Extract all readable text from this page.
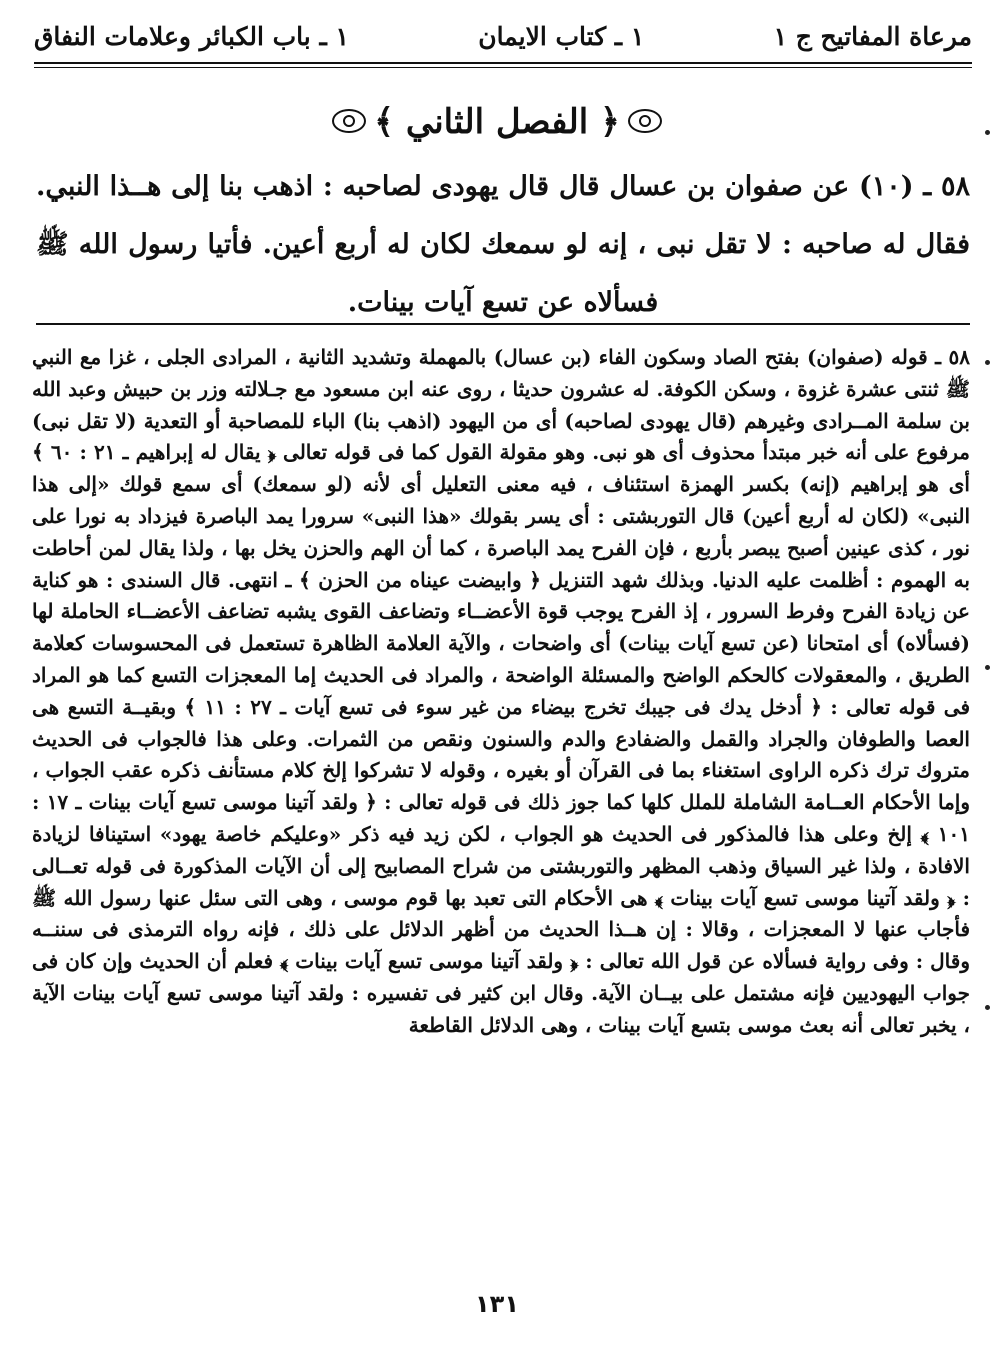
مرعاة المفاتيح ج ١
١ ـ كتاب الايمان
١ ـ باب الكبائر وعلامات النفاق
﴿ الفصل الثاني ﴾
٥٨ ـ (١٠) عن صفوان بن عسال قال قال يهودى لصاحبه : اذهب بنا إلى هــذا النبي. فقال له صاحبه : لا تقل نبى ، إنه لو سمعك لكان له أربع أعين. فأتيا رسول الله ﷺ فسألاه عن تسع آيات بينات.

٥٨ ـ قوله (صفوان) بفتح الصاد وسكون الفاء (بن عسال) بالمهملة وتشديد الثانية ، المرادى الجلى ، غزا مع النبي ﷺ ثنتى عشرة غزوة ، وسكن الكوفة. له عشرون حديثا ، روى عنه ابن مسعود مع جـلالته وزر بن حبيش وعبد الله بن سلمة المــرادى وغيرهم (قال يهودى لصاحبه) أى من اليهود (اذهب بنا) الباء للمصاحبة أو التعدية (لا تقل نبى) مرفوع على أنه خبر مبتدأ محذوف أى هو نبى. وهو مقولة القول كما فى قوله تعالى ﴿ يقال له إبراهيم ـ ٢١ : ٦٠ ﴾ أى هو إبراهيم (إنه) بكسر الهمزة استئناف ، فيه معنى التعليل أى لأنه (لو سمعك) أى سمع قولك «إلى هذا النبى» (لكان له أربع أعين) قال التوربشتى : أى يسر بقولك «هذا النبى» سرورا يمد الباصرة فيزداد به نورا على نور ، كذى عينين أصبح يبصر بأربع ، فإن الفرح يمد الباصرة ، كما أن الهم والحزن يخل بها ، ولذا يقال لمن أحاطت به الهموم : أظلمت عليه الدنيا. وبذلك شهد التنزيل ﴿ وابيضت عيناه من الحزن ﴾ ـ انتهى. قال السندى : هو كناية عن زيادة الفرح وفرط السرور ، إذ الفرح يوجب قوة الأعضــاء وتضاعف القوى يشبه تضاعف الأعضــاء الحاملة لها (فسألاه) أى امتحانا (عن تسع آيات بينات) أى واضحات ، والآية العلامة الظاهرة تستعمل فى المحسوسات كعلامة الطريق ، والمعقولات كالحكم الواضح والمسئلة الواضحة ، والمراد فى الحديث إما المعجزات التسع كما هو المراد فى قوله تعالى : ﴿ أدخل يدك فى جيبك تخرج بيضاء من غير سوء فى تسع آيات ـ ٢٧ : ١١ ﴾ وبقيــة التسع هى العصا والطوفان والجراد والقمل والضفادع والدم والسنون ونقص من الثمرات. وعلى هذا فالجواب فى الحديث متروك ترك ذكره الراوى استغناء بما فى القرآن أو بغيره ، وقوله لا تشركوا إلخ كلام مستأنف ذكره عقب الجواب ، وإما الأحكام العــامة الشاملة للملل كلها كما جوز ذلك فى قوله تعالى : ﴿ ولقد آتينا موسى تسع آيات بينات ـ ١٧ : ١٠١ ﴾ إلخ وعلى هذا فالمذكور فى الحديث هو الجواب ، لكن زيد فيه ذكر «وعليكم خاصة يهود» استينافا لزيادة الافادة ، ولذا غير السياق وذهب المظهر والتوربشتى من شراح المصابيح إلى أن الآيات المذكورة فى قوله تعــالى : ﴿ ولقد آتينا موسى تسع آيات بينات ﴾ هى الأحكام التى تعبد بها قوم موسى ، وهى التى سئل عنها رسول الله ﷺ فأجاب عنها لا المعجزات ، وقالا : إن هــذا الحديث من أظهر الدلائل على ذلك ، فإنه رواه الترمذى فى سننــه وقال : وفى رواية فسألاه عن قول الله تعالى : ﴿ ولقد آتينا موسى تسع آيات بينات ﴾ فعلم أن الحديث وإن كان فى جواب اليهوديين فإنه مشتمل على بيــان الآية. وقال ابن كثير فى تفسيره : ولقد آتينا موسى تسع آيات بينات الآية ، يخبر تعالى أنه بعث موسى بتسع آيات بينات ، وهى الدلائل القاطعة

١٣١
